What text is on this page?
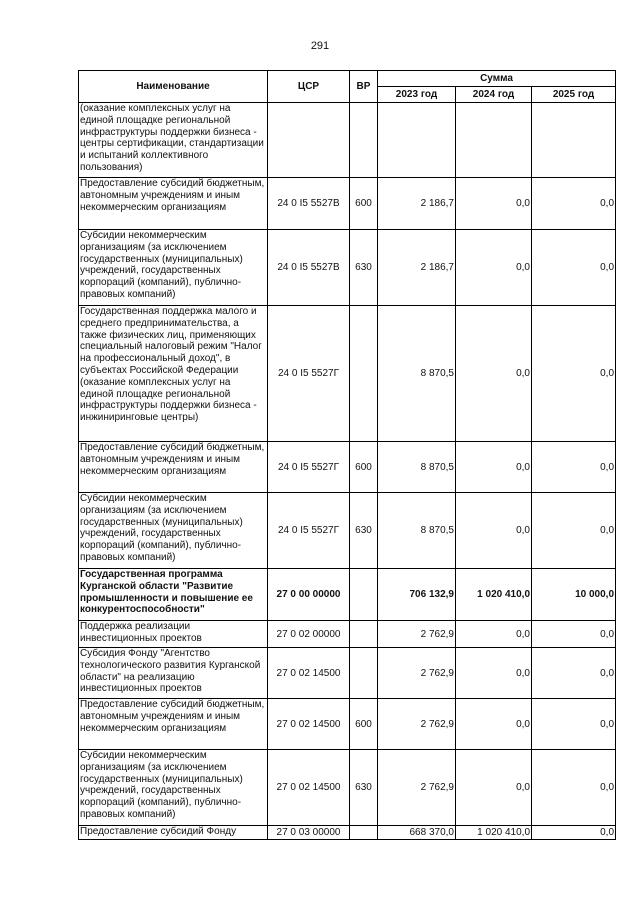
291
Наименование	ЦСР	ВР	Сумма		
			2023 год	2024 год	2025 год
(оказание комплексных услуг на единой площадке региональной инфраструктуры поддержки бизнеса - центры сертификации, стандартизации и испытаний коллективного пользования)					
Предоставление субсидий бюджетным, автономным учреждениям и иным некоммерческим организациям	24 0 I5 5527В	600	2 186,7	0,0	0,0
Субсидии некоммерческим организациям (за исключением государственных (муниципальных) учреждений, государственных корпораций (компаний), публично-правовых компаний)	24 0 I5 5527В	630	2 186,7	0,0	0,0
Государственная поддержка малого и среднего предпринимательства, а также физических лиц, применяющих специальный налоговый режим "Налог на профессиональный доход", в субъектах Российской Федерации (оказание комплексных услуг на единой площадке региональной инфраструктуры поддержки бизнеса - инжиниринговые центры)	24 0 I5 5527Г		8 870,5	0,0	0,0
Предоставление субсидий бюджетным, автономным учреждениям и иным некоммерческим организациям	24 0 I5 5527Г	600	8 870,5	0,0	0,0
Субсидии некоммерческим организациям (за исключением государственных (муниципальных) учреждений, государственных корпораций (компаний), публично-правовых компаний)	24 0 I5 5527Г	630	8 870,5	0,0	0,0
Государственная программа Курганской области "Развитие промышленности и повышение ее конкурентоспособности"	27 0 00 00000		706 132,9	1 020 410,0	10 000,0
Поддержка реализации инвестиционных проектов	27 0 02 00000		2 762,9	0,0	0,0
Субсидия Фонду "Агентство технологического развития Курганской области" на реализацию инвестиционных проектов	27 0 02 14500		2 762,9	0,0	0,0
Предоставление субсидий бюджетным, автономным учреждениям и иным некоммерческим организациям	27 0 02 14500	600	2 762,9	0,0	0,0
Субсидии некоммерческим организациям (за исключением государственных (муниципальных) учреждений, государственных корпораций (компаний), публично-правовых компаний)	27 0 02 14500	630	2 762,9	0,0	0,0
Предоставление субсидий Фонду	27 0 03 00000		668 370,0	1 020 410,0	0,0
